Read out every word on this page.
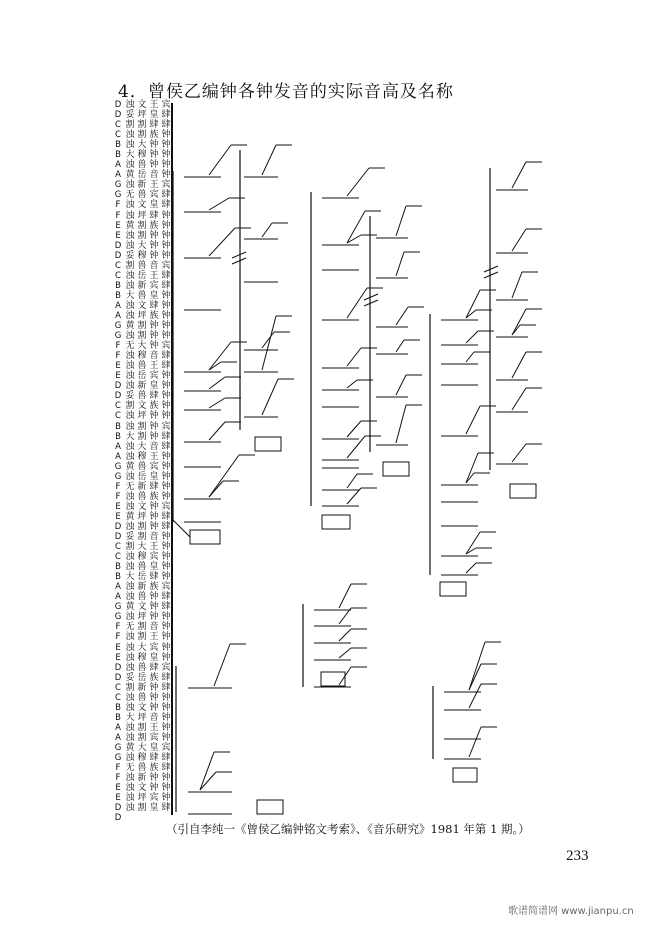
4．曾侯乙编钟各钟发音的实际音高及名称
D
D
C
C
B
B
A
A
G
G
F
F
E
E
D
D
C
C
B
B
A
A
G
G
F
F
E
E
D
D
C
C
B
B
A
A
G
G
F
F
E
E
D
D
C
C
B
B
A
A
G
G
F
F
E
E
D
D
C
C
B
B
A
A
G
G
F
F
E
E
D
D
浊
妥
割
浊
浊
大
浊
黄
浊
无
浊
浊
黄
浊
浊
妥
割
浊
浊
大
浊
浊
黄
浊
无
浊
浊
浊
浊
妥
割
浊
浊
大
浊
浊
黄
浊
无
浊
浊
黄
浊
妥
割
浊
浊
大
浊
浊
黄
浊
无
浊
浊
浊
浊
妥
割
浊
浊
大
浊
浊
黄
浊
无
浊
浊
浊
浊
文
坪
割
割
大
穆
兽
岳
新
兽
文
坪
割
割
大
穆
兽
岳
新
兽
文
坪
割
割
大
穆
兽
岳
新
兽
文
坪
割
割
大
穆
兽
岳
新
兽
文
坪
割
割
大
穆
兽
岳
新
兽
文
坪
割
割
大
穆
兽
岳
新
兽
文
坪
割
割
大
穆
兽
新
文
坪
割
王
皇
肆
族
钟
钟
钟
音
王
宾
皇
肆
族
钟
钟
钟
音
王
宾
皇
肆
族
钟
钟
钟
音
王
宾
皇
肆
族
钟
钟
钟
音
王
宾
皇
肆
族
钟
钟
钟
音
王
宾
皇
肆
族
钟
钟
钟
音
王
宾
皇
肆
族
钟
钟
钟
音
王
宾
皇
肆
族
钟
钟
宾
皇
宾
肆
肆
钟
钟
钟
钟
钟
宾
肆
肆
钟
钟
钟
钟
钟
宾
肆
肆
钟
钟
钟
钟
钟
宾
肆
肆
钟
钟
钟
钟
钟
宾
肆
肆
钟
钟
钟
钟
钟
宾
肆
肆
钟
钟
钟
钟
钟
宾
肆
肆
钟
钟
钟
钟
钟
宾
肆
肆
钟
钟
钟
钟
钟
宾
肆
肆
钟
钟
钟
肆
（引自李纯一《曾侯乙编钟铭文考索》、《音乐研究》1981 年第 1 期。）
233
歌谱简谱网 www.jianpu.cn
